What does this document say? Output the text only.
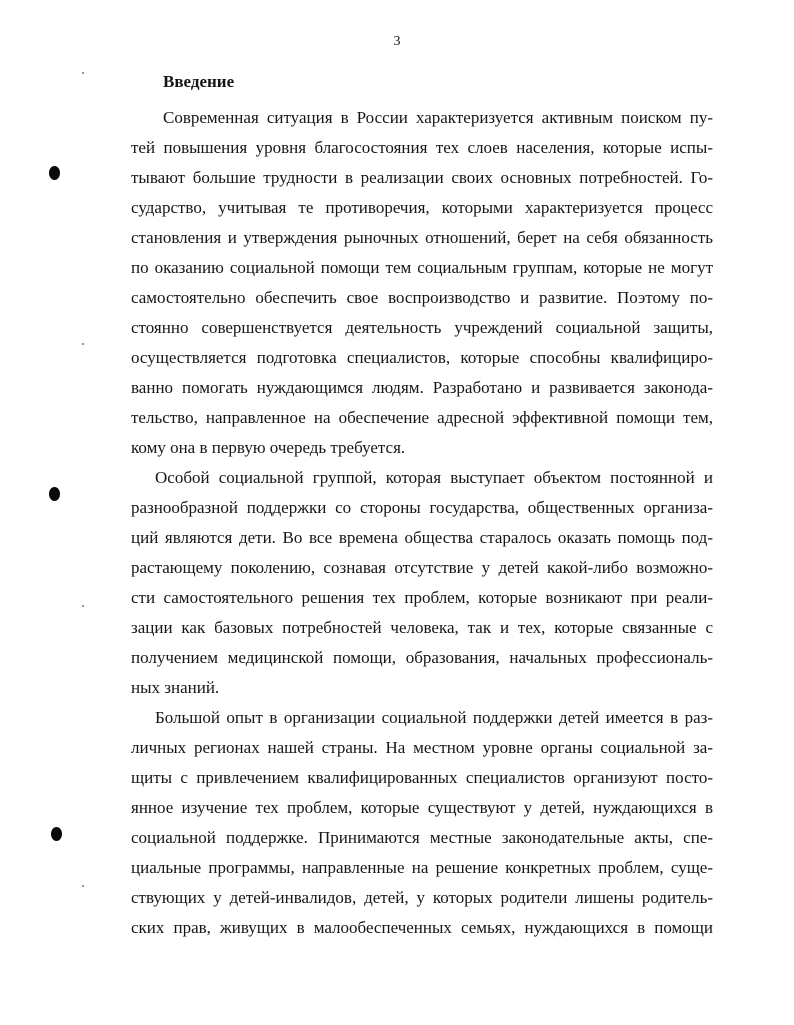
3
Введение
Современная ситуация в России характеризуется активным поиском пу-
тей повышения уровня благосостояния тех слоев населения, которые испы-
тывают большие трудности в реализации своих основных потребностей. Го-
сударство, учитывая те противоречия, которыми характеризуется процесс
становления и утверждения рыночных отношений, берет на себя обязанность
по оказанию социальной помощи тем социальным группам, которые не могут
самостоятельно обеспечить свое воспроизводство и развитие. Поэтому по-
стоянно совершенствуется деятельность учреждений социальной защиты,
осуществляется подготовка специалистов, которые способны квалифициро-
ванно помогать нуждающимся людям. Разработано и развивается законода-
тельство, направленное на обеспечение адресной эффективной помощи тем,
кому она в первую очередь требуется.
Особой социальной группой, которая выступает объектом постоянной и
разнообразной поддержки со стороны государства, общественных организа-
ций являются дети. Во все времена общества старалось оказать помощь под-
растающему поколению, сознавая отсутствие у детей какой-либо возможно-
сти самостоятельного решения тех проблем, которые возникают при реали-
зации как базовых потребностей человека, так и тех, которые связанные с
получением медицинской помощи, образования, начальных профессиональ-
ных знаний.
Большой опыт в организации социальной поддержки детей имеется в раз-
личных регионах нашей страны. На местном уровне органы социальной за-
щиты с привлечением квалифицированных специалистов организуют посто-
янное изучение тех проблем, которые существуют у детей, нуждающихся в
социальной поддержке. Принимаются местные законодательные акты, спе-
циальные программы, направленные на решение конкретных проблем, суще-
ствующих у детей-инвалидов, детей, у которых родители лишены родитель-
ских прав, живущих в малообеспеченных семьях, нуждающихся в помощи
